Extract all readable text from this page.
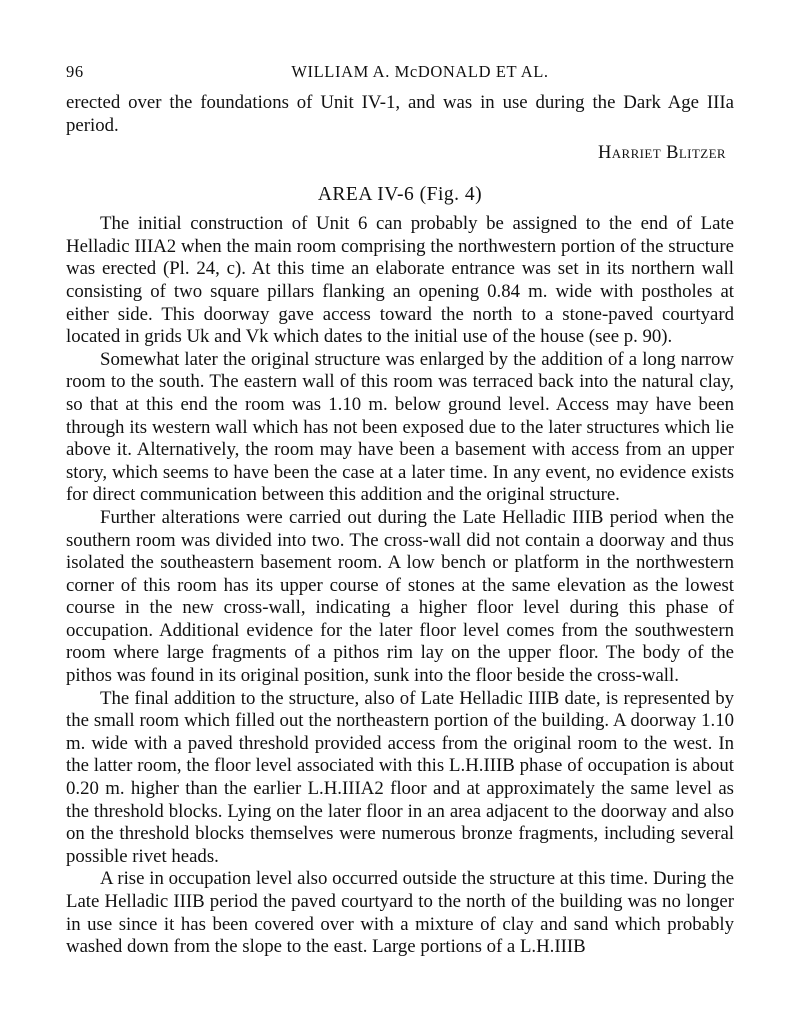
96	WILLIAM A. McDONALD ET AL.

erected over the foundations of Unit IV-1, and was in use during the Dark Age IIIa period.

Harriet Blitzer
AREA IV-6 (Fig. 4)

The initial construction of Unit 6 can probably be assigned to the end of Late Helladic IIIA2 when the main room comprising the northwestern portion of the structure was erected (Pl. 24, c). At this time an elaborate entrance was set in its northern wall consisting of two square pillars flanking an opening 0.84 m. wide with postholes at either side. This doorway gave access toward the north to a stone-paved courtyard located in grids Uk and Vk which dates to the initial use of the house (see p. 90).

Somewhat later the original structure was enlarged by the addition of a long narrow room to the south. The eastern wall of this room was terraced back into the natural clay, so that at this end the room was 1.10 m. below ground level. Access may have been through its western wall which has not been exposed due to the later structures which lie above it. Alternatively, the room may have been a basement with access from an upper story, which seems to have been the case at a later time. In any event, no evidence exists for direct communication between this addition and the original structure.

Further alterations were carried out during the Late Helladic IIIB period when the southern room was divided into two. The cross-wall did not contain a doorway and thus isolated the southeastern basement room. A low bench or platform in the northwestern corner of this room has its upper course of stones at the same elevation as the lowest course in the new cross-wall, indicating a higher floor level during this phase of occupation. Additional evidence for the later floor level comes from the southwestern room where large fragments of a pithos rim lay on the upper floor. The body of the pithos was found in its original position, sunk into the floor beside the cross-wall.

The final addition to the structure, also of Late Helladic IIIB date, is represented by the small room which filled out the northeastern portion of the building. A doorway 1.10 m. wide with a paved threshold provided access from the original room to the west. In the latter room, the floor level associated with this L.H.IIIB phase of occupation is about 0.20 m. higher than the earlier L.H.IIIA2 floor and at approximately the same level as the threshold blocks. Lying on the later floor in an area adjacent to the doorway and also on the threshold blocks themselves were numerous bronze fragments, including several possible rivet heads.

A rise in occupation level also occurred outside the structure at this time. During the Late Helladic IIIB period the paved courtyard to the north of the building was no longer in use since it has been covered over with a mixture of clay and sand which probably washed down from the slope to the east. Large portions of a L.H.IIIB
